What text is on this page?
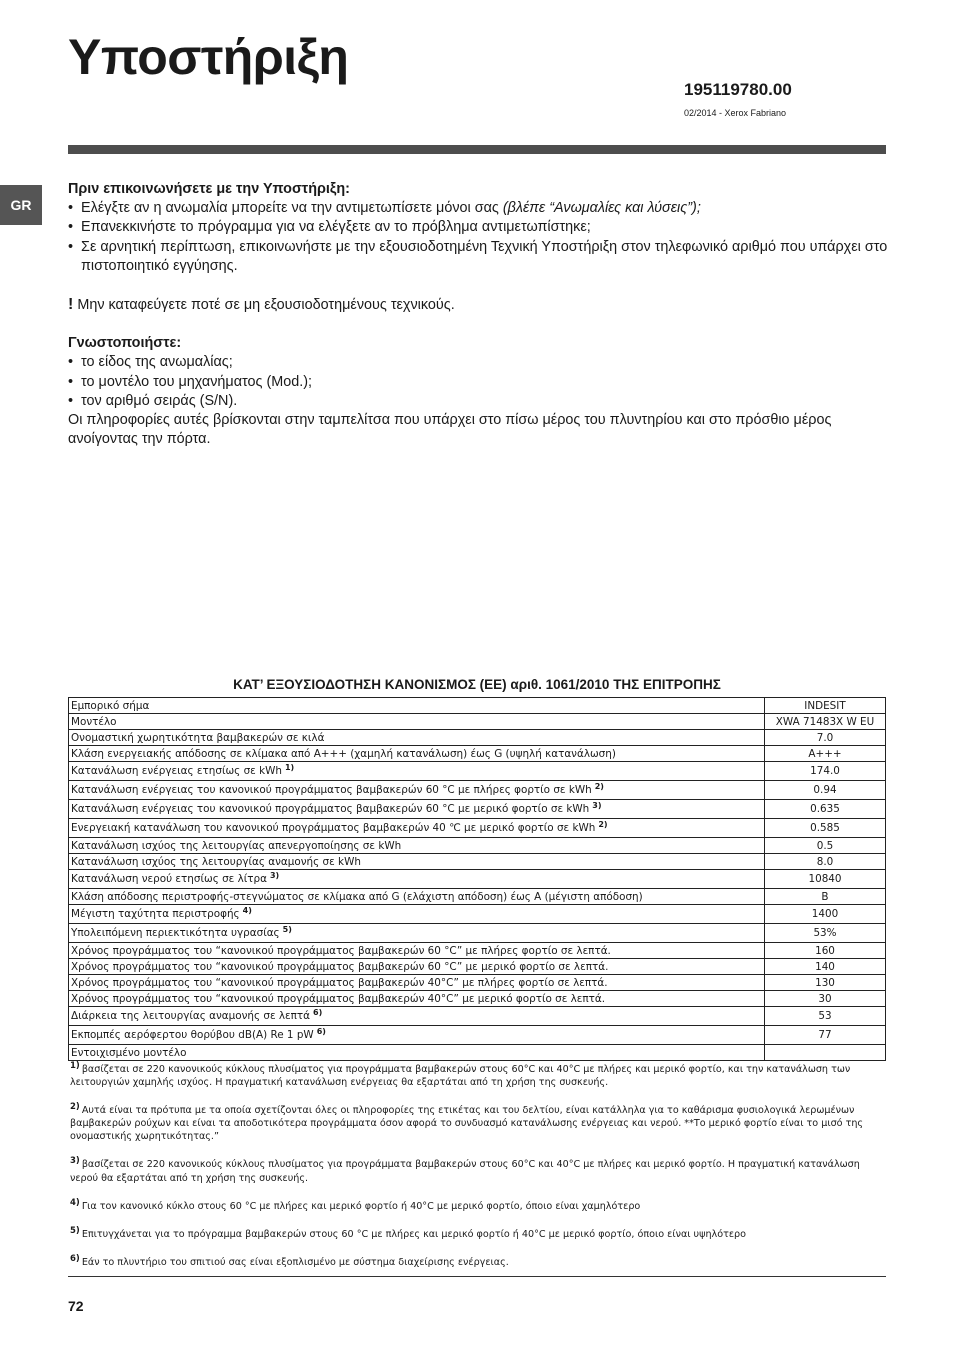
Υποστήριξη
195119780.00
02/2014 - Xerox Fabriano
GR

Πριν επικοινωνήσετε με την Υποστήριξη:

•  Ελέγξτε αν η ανωμαλία μπορείτε να την αντιμετωπίσετε μόνοι σας (βλέπε “Ανωμαλίες και λύσεις”);

•  Επανεκκινήστε το πρόγραμμα για να ελέγξετε αν το πρόβλημα αντιμετωπίστηκε;

•  Σε αρνητική περίπτωση, επικοινωνήστε με την εξουσιοδοτημένη Τεχνική Υποστήριξη στον τηλεφωνικό αριθμό που υπάρχει στο πιστοποιητικό εγγύησης.

! Μην καταφεύγετε ποτέ σε μη εξουσιοδοτημένους τεχνικούς.

Γνωστοποιήστε:

•  το είδος της ανωμαλίας;

•  το μοντέλο του μηχανήματος (Mod.);

•  τον αριθμό σειράς (S/N).

Οι πληροφορίες αυτές βρίσκονται στην ταμπελίτσα που υπάρχει στο πίσω μέρος του πλυντηρίου και στο πρόσθιο μέρος ανοίγοντας την πόρτα.

ΚΑΤ’ ΕΞΟΥΣΙΟΔΟΤΗΣΗ ΚΑΝΟΝΙΣΜΟΣ (ΕΕ) αριθ. 1061/2010 ΤΗΣ ΕΠΙΤΡΟΠΗΣ
Εμπορικό σήμα	INDESIT
Μοντέλο	XWA 71483X W EU
Ονομαστική χωρητικότητα βαμβακερών σε κιλά	7.0
Κλάση ενεργειακής απόδοσης σε κλίμακα από A+++ (χαμηλή κατανάλωση) έως G (υψηλή κατανάλωση)	A+++
Κατανάλωση ενέργειας ετησίως σε kWh $^{1)}$	174.0
Κατανάλωση ενέργειας του κανονικού προγράμματος βαμβακερών 60 °C με πλήρες φορτίο σε kWh $^{2)}$	0.94
Κατανάλωση ενέργειας του κανονικού προγράμματος βαμβακερών 60 °C με μερικό φορτίο σε kWh $^{3)}$	0.635
Ενεργειακή κατανάλωση του κανονικού προγράμματος βαμβακερών 40 ℃ με μερικό φορτίο σε kWh $^{2)}$	0.585
Κατανάλωση ισχύος της λειτουργίας απενεργοποίησης σε kWh	0.5
Κατανάλωση ισχύος της λειτουργίας αναμονής σε kWh	8.0
Κατανάλωση νερού ετησίως σε λίτρα $^{3)}$	10840
Κλάση απόδοσης περιστροφής-στεγνώματος σε κλίμακα από G (ελάχιστη απόδοση) έως A (μέγιστη απόδοση)	B
Μέγιστη ταχύτητα περιστροφής $^{4)}$	1400
Υπολειπόμενη περιεκτικότητα υγρασίας $^{5)}$	53%
Χρόνος προγράμματος του “κανονικού προγράμματος βαμβακερών 60 °C” με πλήρες φορτίο σε λεπτά.	160
Χρόνος προγράμματος του “κανονικού προγράμματος βαμβακερών 60 °C” με μερικό φορτίο σε λεπτά.	140
Χρόνος προγράμματος του “κανονικού προγράμματος βαμβακερών 40°C” με πλήρες φορτίο σε λεπτά.	130
Χρόνος προγράμματος του “κανονικού προγράμματος βαμβακερών 40°C” με μερικό φορτίο σε λεπτά.	30
Διάρκεια της λειτουργίας αναμονής σε λεπτά $^{6)}$	53
Εκπομπές αερόφερτου θορύβου dB(A) Re 1 pW $^{6)}$	77
Εντοιχισμένο μοντέλο	

$^{1)}$ βασίζεται σε 220 κανονικούς κύκλους πλυσίματος για προγράμματα βαμβακερών στους 60°C και 40°C με πλήρες και μερικό φορτίο, και την κατανάλωση των λειτουργιών χαμηλής ισχύος. Η πραγματική κατανάλωση ενέργειας θα εξαρτάται από τη χρήση της συσκευής.

$^{2)}$ Αυτά είναι τα πρότυπα με τα οποία σχετίζονται όλες οι πληροφορίες της ετικέτας και του δελτίου, είναι κατάλληλα για το καθάρισμα φυσιολογικά λερωμένων βαμβακερών ρούχων και είναι τα αποδοτικότερα προγράμματα όσον αφορά το συνδυασμό κατανάλωσης ενέργειας και νερού. **Το μερικό φορτίο είναι το μισό της ονομαστικής χωρητικότητας.”

$^{3)}$ βασίζεται σε 220 κανονικούς κύκλους πλυσίματος για προγράμματα βαμβακερών στους 60°C και 40°C με πλήρες και μερικό φορτίο. Η πραγματική κατανάλωση νερού θα εξαρτάται από τη χρήση της συσκευής.

$^{4)}$ Για τον κανονικό κύκλο στους 60 °C με πλήρες και μερικό φορτίο ή 40°C με μερικό φορτίο, όποιο είναι χαμηλότερο

$^{5)}$ Επιτυγχάνεται για το πρόγραμμα βαμβακερών στους 60 °C με πλήρες και μερικό φορτίο ή 40°C με μερικό φορτίο, όποιο είναι υψηλότερο

$^{6)}$ Εάν το πλυντήριο του σπιτιού σας είναι εξοπλισμένο με σύστημα διαχείρισης ενέργειας.

72
